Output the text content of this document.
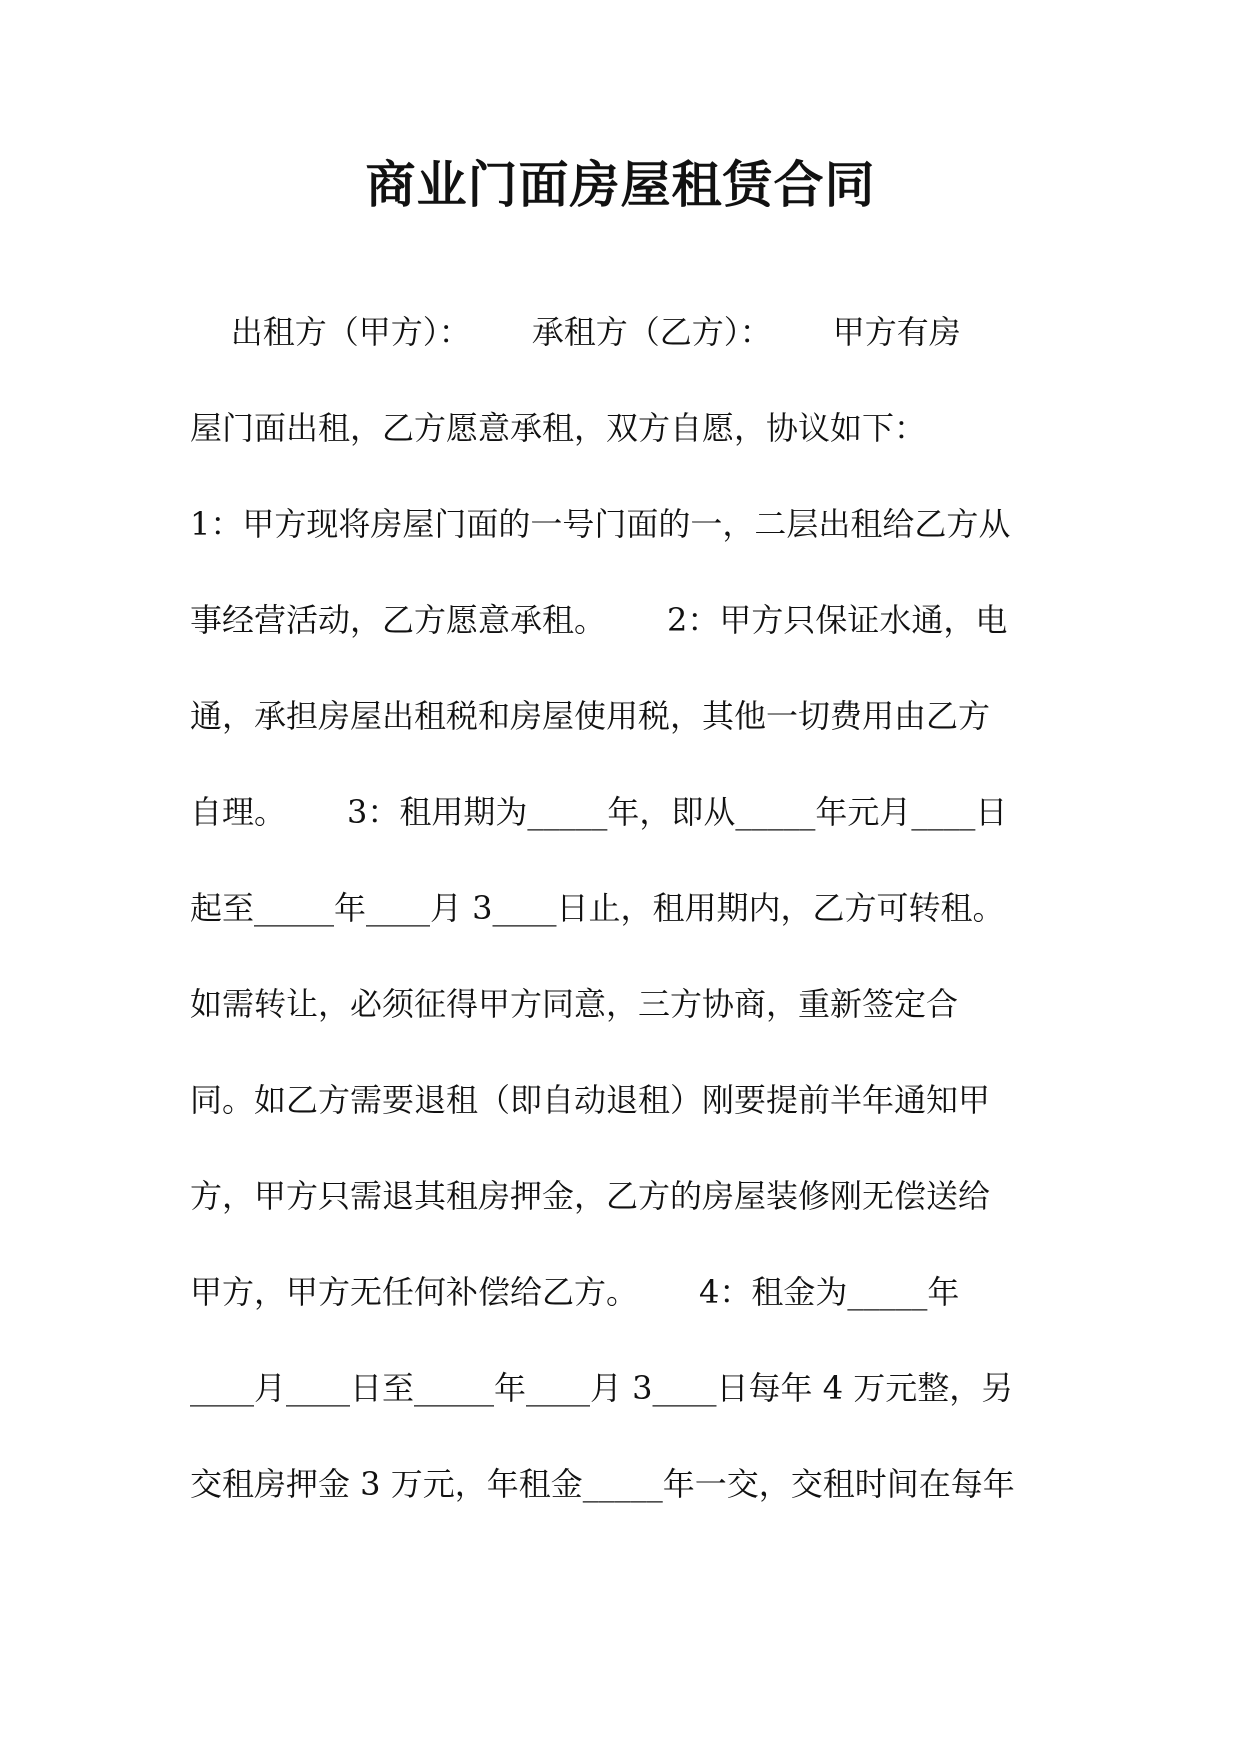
商业门面房屋租赁合同
出租方（甲方）：      承租方（乙方）：      甲方有房
屋门面出租，乙方愿意承租，双方自愿，协议如下：
1：甲方现将房屋门面的一号门面的一，二层出租给乙方从
事经营活动，乙方愿意承租。      2：甲方只保证水通，电
通，承担房屋出租税和房屋使用税，其他一切费用由乙方
自理。      3：租用期为_____年，即从_____年元月____日
起至_____年____月 3____日止，租用期内，乙方可转租。
如需转让，必须征得甲方同意，三方协商，重新签定合
同。如乙方需要退租（即自动退租）刚要提前半年通知甲
方，甲方只需退其租房押金，乙方的房屋装修刚无偿送给
甲方，甲方无任何补偿给乙方。      4：租金为_____年
____月____日至_____年____月 3____日每年 4 万元整，另
交租房押金 3 万元，年租金_____年一交，交租时间在每年
